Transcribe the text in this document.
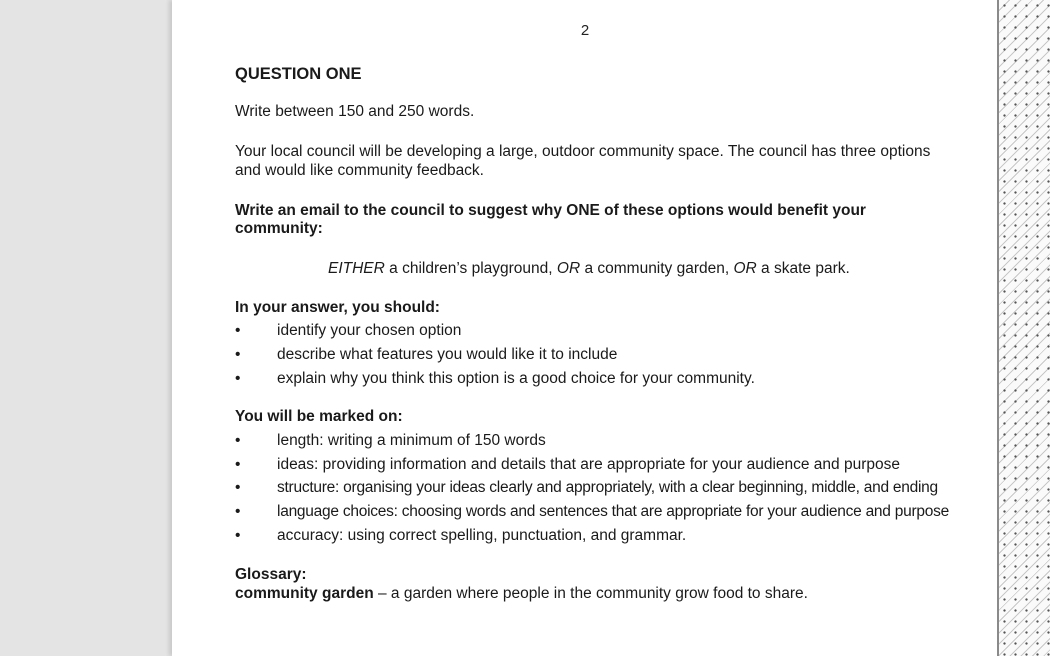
2
QUESTION ONE
Write between 150 and 250 words.
Your local council will be developing a large, outdoor community space. The council has three options
and would like community feedback.
Write an email to the council to suggest why ONE of these options would benefit your
community:
EITHER a children’s playground, OR a community garden, OR a skate park.
In your answer, you should:
• identify your chosen option
• describe what features you would like it to include
• explain why you think this option is a good choice for your community.
You will be marked on:
• length: writing a minimum of 150 words
• ideas: providing information and details that are appropriate for your audience and purpose
• structure: organising your ideas clearly and appropriately, with a clear beginning, middle, and ending
• language choices: choosing words and sentences that are appropriate for your audience and purpose
• accuracy: using correct spelling, punctuation, and grammar.
Glossary:
community garden – a garden where people in the community grow food to share.
